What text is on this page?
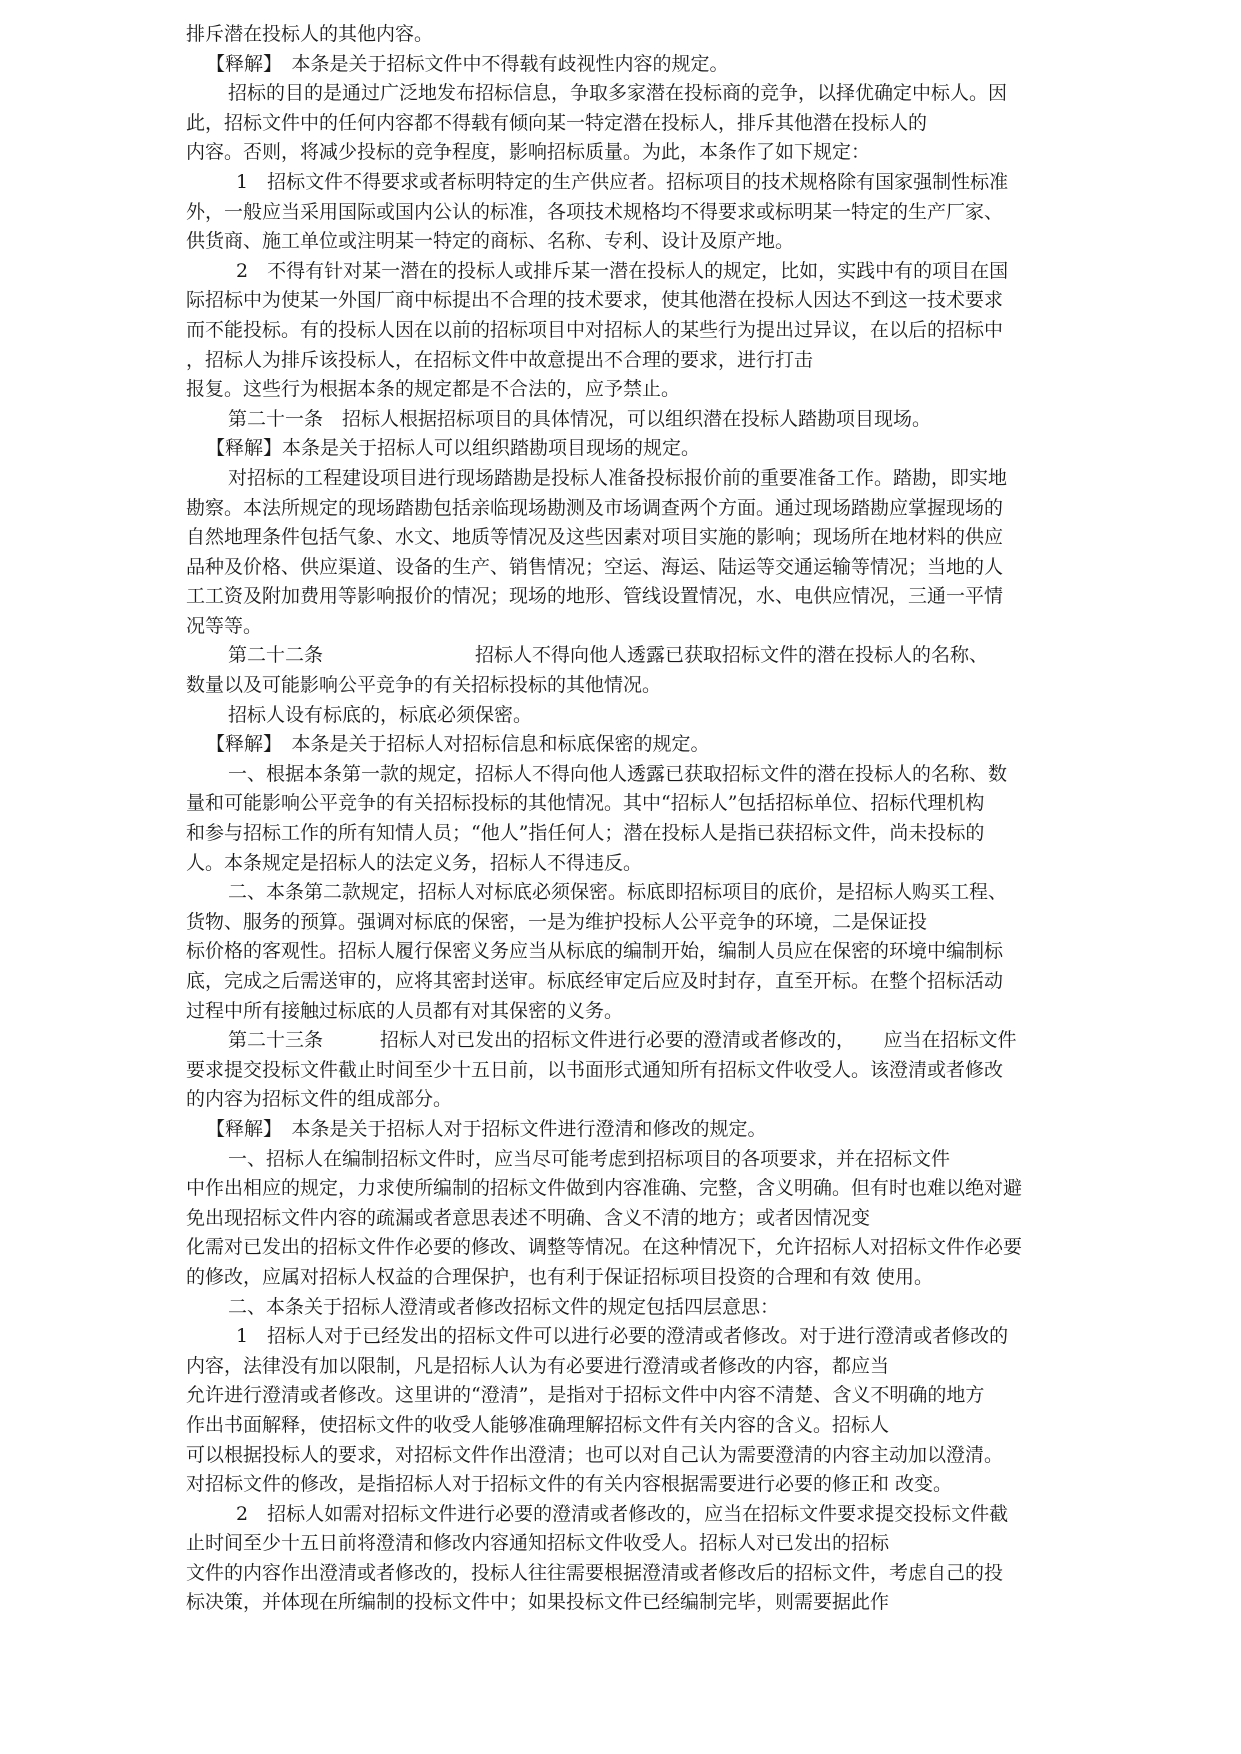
排斥潜在投标人的其他内容。
【释解】　本条是关于招标文件中不得载有歧视性内容的规定。
招标的目的是通过广泛地发布招标信息，争取多家潜在投标商的竞争，以择优确定中标人。因
此，招标文件中的任何内容都不得载有倾向某一特定潜在投标人，排斥其他潜在投标人的
内容。否则，将减少投标的竞争程度，影响招标质量。为此，本条作了如下规定：
1　招标文件不得要求或者标明特定的生产供应者。招标项目的技术规格除有国家强制性标准
外，一般应当采用国际或国内公认的标准，各项技术规格均不得要求或标明某一特定的生产厂家、
供货商、施工单位或注明某一特定的商标、名称、专利、设计及原产地。
2　不得有针对某一潜在的投标人或排斥某一潜在投标人的规定，比如，实践中有的项目在国
际招标中为使某一外国厂商中标提出不合理的技术要求，使其他潜在投标人因达不到这一技术要求
而不能投标。有的投标人因在以前的招标项目中对招标人的某些行为提出过异议，在以后的招标中
，招标人为排斥该投标人，在招标文件中故意提出不合理的要求，进行打击
报复。这些行为根据本条的规定都是不合法的，应予禁止。
第二十一条　招标人根据招标项目的具体情况，可以组织潜在投标人踏勘项目现场。
【释解】本条是关于招标人可以组织踏勘项目现场的规定。
对招标的工程建设项目进行现场踏勘是投标人准备投标报价前的重要准备工作。踏勘，即实地
勘察。本法所规定的现场踏勘包括亲临现场勘测及市场调查两个方面。通过现场踏勘应掌握现场的
自然地理条件包括气象、水文、地质等情况及这些因素对项目实施的影响；现场所在地材料的供应
品种及价格、供应渠道、设备的生产、销售情况；空运、海运、陆运等交通运输等情况；当地的人
工工资及附加费用等影响报价的情况；现场的地形、管线设置情况，水、电供应情况，三通一平情
况等等。
第二十二条　　　　　　　　招标人不得向他人透露已获取招标文件的潜在投标人的名称、
数量以及可能影响公平竞争的有关招标投标的其他情况。
招标人设有标底的，标底必须保密。
【释解】　本条是关于招标人对招标信息和标底保密的规定。
一、根据本条第一款的规定，招标人不得向他人透露已获取招标文件的潜在投标人的名称、数
量和可能影响公平竞争的有关招标投标的其他情况。其中“招标人”包括招标单位、招标代理机构
和参与招标工作的所有知情人员；“他人”指任何人；潜在投标人是指已获招标文件，尚未投标的
人。本条规定是招标人的法定义务，招标人不得违反。
二、本条第二款规定，招标人对标底必须保密。标底即招标项目的底价，是招标人购买工程、
货物、服务的预算。强调对标底的保密，一是为维护投标人公平竞争的环境，二是保证投
标价格的客观性。招标人履行保密义务应当从标底的编制开始，编制人员应在保密的环境中编制标
底，完成之后需送审的，应将其密封送审。标底经审定后应及时封存，直至开标。在整个招标活动
过程中所有接触过标底的人员都有对其保密的义务。
第二十三条　　　招标人对已发出的招标文件进行必要的澄清或者修改的，　　应当在招标文件
要求提交投标文件截止时间至少十五日前，以书面形式通知所有招标文件收受人。该澄清或者修改
的内容为招标文件的组成部分。
【释解】　本条是关于招标人对于招标文件进行澄清和修改的规定。
一、招标人在编制招标文件时，应当尽可能考虑到招标项目的各项要求，并在招标文件
中作出相应的规定，力求使所编制的招标文件做到内容准确、完整，含义明确。但有时也难以绝对避
免出现招标文件内容的疏漏或者意思表述不明确、含义不清的地方；或者因情况变
化需对已发出的招标文件作必要的修改、调整等情况。在这种情况下，允许招标人对招标文件作必要
的修改，应属对招标人权益的合理保护，也有利于保证招标项目投资的合理和有效 使用。
二、本条关于招标人澄清或者修改招标文件的规定包括四层意思：
1　招标人对于已经发出的招标文件可以进行必要的澄清或者修改。对于进行澄清或者修改的
内容，法律没有加以限制，凡是招标人认为有必要进行澄清或者修改的内容，都应当
允许进行澄清或者修改。这里讲的“澄清”，是指对于招标文件中内容不清楚、含义不明确的地方
作出书面解释，使招标文件的收受人能够准确理解招标文件有关内容的含义。招标人
可以根据投标人的要求，对招标文件作出澄清；也可以对自己认为需要澄清的内容主动加以澄清。
对招标文件的修改，是指招标人对于招标文件的有关内容根据需要进行必要的修正和 改变。
2　招标人如需对招标文件进行必要的澄清或者修改的，应当在招标文件要求提交投标文件截
止时间至少十五日前将澄清和修改内容通知招标文件收受人。招标人对已发出的招标
文件的内容作出澄清或者修改的，投标人往往需要根据澄清或者修改后的招标文件，考虑自己的投
标决策，并体现在所编制的投标文件中；如果投标文件已经编制完毕，则需要据此作
